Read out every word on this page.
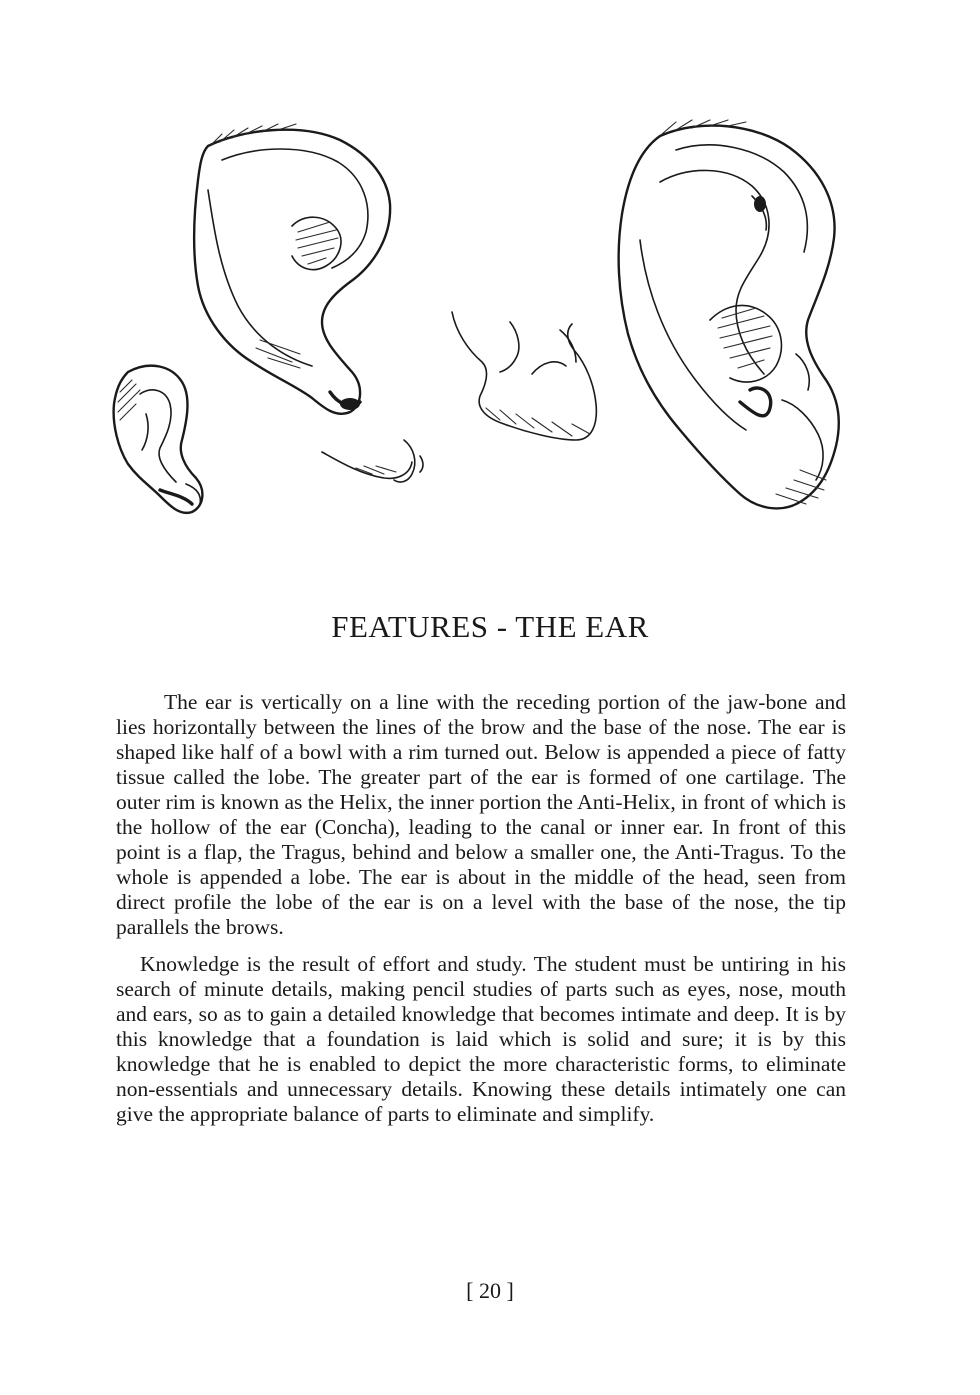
FEATURES - THE EAR

The ear is vertically on a line with the receding portion of the jaw-bone and lies horizontally between the lines of the brow and the base of the nose. The ear is shaped like half of a bowl with a rim turned out. Below is appended a piece of fatty tissue called the lobe. The greater part of the ear is formed of one cartilage. The outer rim is known as the Helix, the inner portion the Anti-Helix, in front of which is the hollow of the ear (Concha), leading to the canal or inner ear. In front of this point is a flap, the Tragus, behind and below a smaller one, the Anti-Tragus. To the whole is appended a lobe. The ear is about in the middle of the head, seen from direct profile the lobe of the ear is on a level with the base of the nose, the tip parallels the brows.

Knowledge is the result of effort and study. The student must be untiring in his search of minute details, making pencil studies of parts such as eyes, nose, mouth and ears, so as to gain a detailed knowledge that becomes intimate and deep. It is by this knowledge that a foundation is laid which is solid and sure; it is by this knowledge that he is enabled to depict the more characteristic forms, to eliminate non-essentials and unnecessary details. Knowing these details intimately one can give the appropriate balance of parts to eliminate and simplify.

[ 20 ]
